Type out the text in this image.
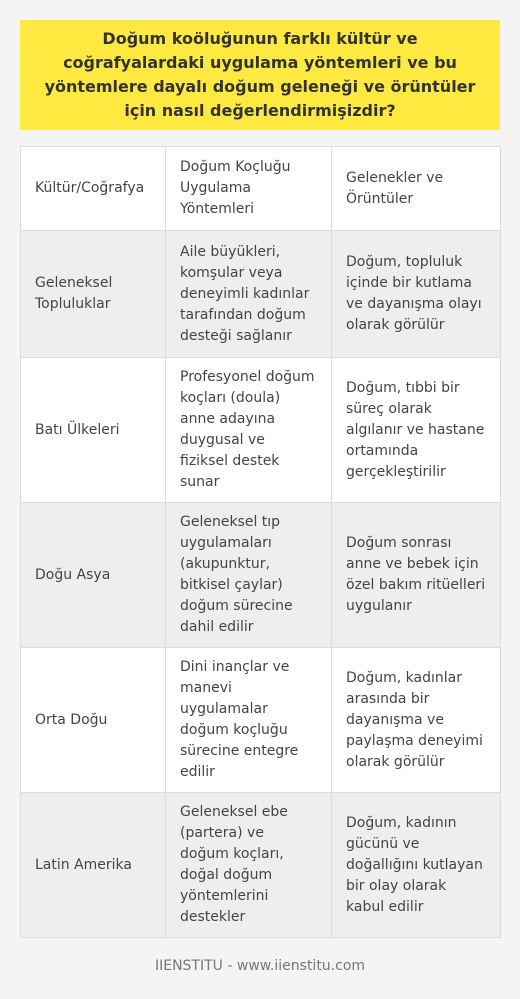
Doğum koöluğunun farklı kültür ve coğrafyalardaki uygulama yöntemleri ve bu yöntemlere dayalı doğum geleneği ve örüntüler için nasıl değerlendirmişizdir?
Kültür/Coğrafya	Doğum Koçluğu Uygulama Yöntemleri	Gelenekler ve Örüntüler
Geleneksel Topluluklar	Aile büyükleri, komşular veya deneyimli kadınlar tarafından doğum desteği sağlanır	Doğum, topluluk içinde bir kutlama ve dayanışma olayı olarak görülür
Batı Ülkeleri	Profesyonel doğum koçları (doula) anne adayına duygusal ve fiziksel destek sunar	Doğum, tıbbi bir süreç olarak algılanır ve hastane ortamında gerçekleştirilir
Doğu Asya	Geleneksel tıp uygulamaları (akupunktur, bitkisel çaylar) doğum sürecine dahil edilir	Doğum sonrası anne ve bebek için özel bakım ritüelleri uygulanır
Orta Doğu	Dini inançlar ve manevi uygulamalar doğum koçluğu sürecine entegre edilir	Doğum, kadınlar arasında bir dayanışma ve paylaşma deneyimi olarak görülür
Latin Amerika	Geleneksel ebe (partera) ve doğum koçları, doğal doğum yöntemlerini destekler	Doğum, kadının gücünü ve doğallığını kutlayan bir olay olarak kabul edilir
IIENSTITU - www.iienstitu.com
